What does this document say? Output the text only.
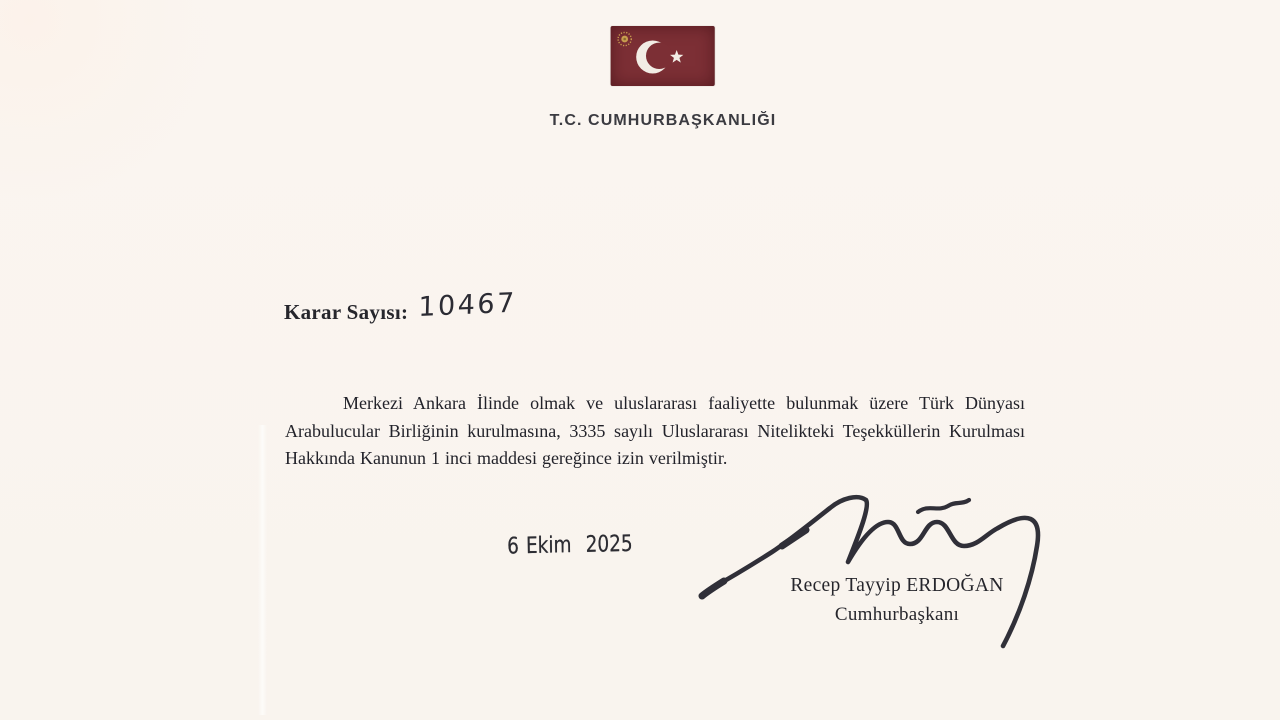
T.C. CUMHURBAŞKANLIĞI
Karar Sayısı: 10467

Merkezi Ankara İlinde olmak ve uluslararası faaliyette bulunmak üzere Türk Dünyası Arabulucular Birliğinin kurulmasına, 3335 sayılı Uluslararası Nitelikteki Teşekküllerin Kurulması Hakkında Kanunun 1 inci maddesi gereğince izin verilmiştir.

6 Ekim 2025
Recep Tayyip ERDOĞAN
Cumhurbaşkanı
